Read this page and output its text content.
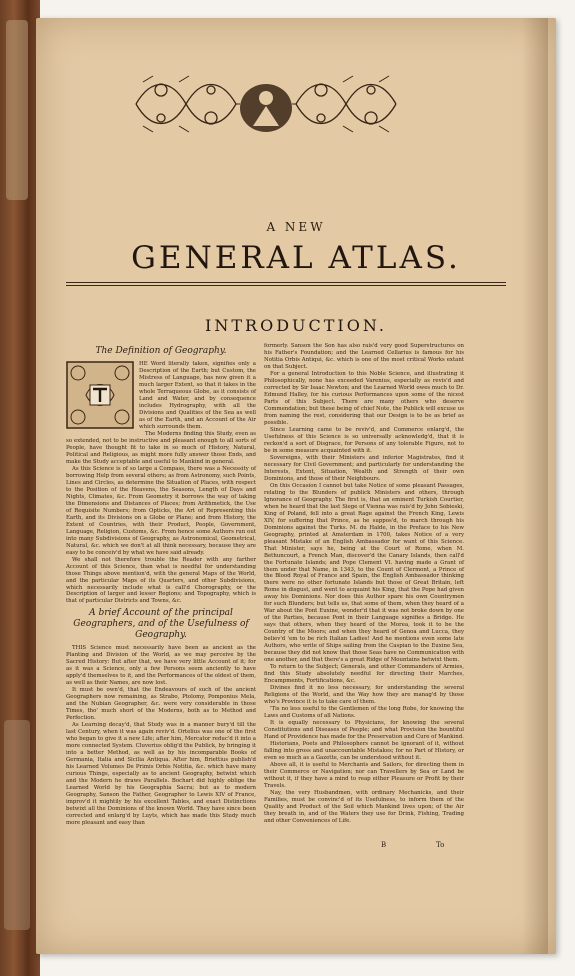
A NEW
GENERAL ATLAS.
INTRODUCTION.
The Definition of Geography.

HE Word literally taken, signifies only a Description of the Earth; but Custom, the Mistress of Language, has now given it a much larger Extent, so that it takes in the whole Terraqueous Globe, as it consists of Land and Water, and by consequence includes Hydrography, with all the Divisions and Qualities of the Sea as well as of the Earth, and an Account of the Air which surrounds them.

The Moderns finding this Study, even as so extended, not to be instructive and pleasant enough to all sorts of People, have thought fit to take in so much of History, Natural, Political and Religious, as might more fully answer those Ends, and make the Study acceptable and useful to Mankind in general.

As this Science is of so large a Compass, there was a Necessity of borrowing Help from several others; as from Astronomy, such Points, Lines and Circles, as determine the Situation of Places, with respect to the Position of the Heavens, the Seasons, Length of Days and Nights, Climates, &c. From Geometry it borrows the way of taking the Dimensions and Distances of Places; from Arithmetick, the Use of Requisite Numbers; from Opticks, the Art of Representing this Earth, and its Divisions on a Globe or Plane; and from History, the Extent of Countries, with their Product, People, Government, Language, Religion, Customs, &c. From hence some Authors run out into many Subdivisions of Geography, as Astronomical, Geometrical, Natural, &c. which we don't at all think necessary, because they are easy to be conceiv'd by what we have said already.

We shall not therefore trouble the Reader with any farther Account of this Science, than what is needful for understanding those Things above mention'd, with the general Maps of the World, and the particular Maps of its Quarters, and other Subdivisions, which necessarily include what is call'd Chorography, or the Description of larger and lesser Regions; and Topography, which is that of particular Districts and Towns, &c.

A brief Account of the principal Geographers, and of the Usefulness of Geography.

THIS Science must necessarily have been as ancient as the Planting and Division of the World, as we may perceive by the Sacred History: But after that, we have very little Account of it; for as it was a Science, only a few Persons seem anciently to have apply'd themselves to it, and the Performances of the oldest of them, as well as their Names, are now lost.

It must be own'd, that the Endeavours of such of the ancient Geographers now remaining, as Strabo, Ptolomy, Pomponius Mela, and the Nubian Geographer, &c. were very considerable in those Times, tho' much short of the Moderns, both as to Method and Perfection.

As Learning decay'd, that Study was in a manner bury'd till the last Century, when it was again reviv'd. Ortelius was one of the first who began to give it a new Life; after him, Mercator reduc'd it into a more connected System. Cluverius oblig'd the Publick, by bringing it into a better Method, as well as by his incomparable Books of Germania, Italia and Sicilia Antiqua. After him, Briettius publish'd his Learned Volumes De Primis Orbis Notitia, &c. which have many curious Things, especially as to ancient Geography, betwixt which and the Modern he draws Parallels. Bochart did highly oblige the Learned World by his Geographia Sacra; but as to modern Geography, Sanson the Father, Geographer to Lewis XIV of France, improv'd it mightily by his excellent Tables, and exact Distinctions betwixt all the Dominions of the known World. They have since been corrected and enlarg'd by Luyts, which has made this Study much more pleasant and easy than

formerly. Sanson the Son has also rais'd very good Superstructures on his Father's Foundation; and the Learned Cellarius is famous for his Notitia Orbis Antiqui, &c. which is one of the most critical Works extant on that Subject.

For a general Introduction to this Noble Science, and illustrating it Philosophically, none has exceeded Varenius, especially as revis'd and corrected by Sir Isaac Newton; and the Learned World owes much to Dr. Edmund Halley, for his curious Performances upon some of the nicest Parts of this Subject. There are many others who deserve Commendation; but these being of chief Note, the Publick will excuse us from naming the rest, considering that our Design is to be as brief as possible.

Since Learning came to be reviv'd, and Commerce enlarg'd, the Usefulness of this Science is so universally acknowledg'd, that it is reckon'd a sort of Disgrace, for Persons of any tolerable Figure, not to be in some measure acquainted with it.

Sovereigns, with their Ministers and inferior Magistrates, find it necessary for Civil Government; and particularly for understanding the Interests, Extent, Situation, Wealth and Strength of their own Dominions, and those of their Neighbours.

On this Occasion I cannot but take Notice of some pleasant Passages, relating to the Blunders of publick Ministers and others, through Ignorance of Geography. The first is, that an eminent Turkish Courtier, when he heard that the last Siege of Vienna was rais'd by John Sobieski, King of Poland, fell into a great Rage against the French King, Lewis XIV, for suffering that Prince, as he suppos'd, to march through his Dominions against the Turks. M. du Halde, in the Preface to his New Geography, printed at Amsterdam in 1700, takes Notice of a very pleasant Mistake of an English Ambassador for want of this Science. That Minister, says he, being at the Court of Rome, when M. Bethuncourt, a French Man, discover'd the Canary Islands, then call'd the Fortunate Islands; and Pope Clement VI. having made a Grant of them under that Name, in 1343, to the Count of Clermont, a Prince of the Blood Royal of France and Spain, the English Ambassador thinking there were no other fortunate Islands but those of Great Britain, left Rome in disgust, and went to acquaint his King, that the Pope had given away his Dominions. Nor does this Author spare his own Countrymen for such Blunders; but tells us, that some of them, when they heard of a War about the Pont Euxine, wonder'd that it was not broke down by one of the Parties, because Pont in their Language signifies a Bridge. He says that others, when they heard of the Morea, took it to be the Country of the Moors; and when they heard of Genoa and Lucca, they believ'd 'em to be rich Italian Ladies! And he mentions even some late Authors, who write of Ships sailing from the Caspian to the Euxine Sea, because they did not know that those Seas have no Communication with one another, and that there's a great Ridge of Mountains betwixt them.

To return to the Subject; Generals, and other Commanders of Armies, find this Study absolutely needful for directing their Marches, Encampments, Fortifications, &c.

Divines find it no less necessary, for understanding the several Religions of the World, and the Way how they are manag'd by those who's Province it is to take care of them.

'Tis no less useful to the Gentlemen of the long Robe, for knowing the Laws and Customs of all Nations.

It is equally necessary to Physicians, for knowing the several Constitutions and Diseases of People; and what Provision the bountiful Hand of Providence has made for the Preservation and Cure of Mankind.

Historians, Poets and Philosophers cannot be ignorant of it, without falling into gross and unaccountable Mistakes; for no Part of History, or even so much as a Gazette, can be understood without it.

Above all, it is useful to Merchants and Sailors, for directing them in their Commerce or Navigation; nor can Travellers by Sea or Land be without it, if they have a mind to reap either Pleasure or Profit by their Travels.

Nay, the very Husbandmen, with ordinary Mechanicks, and their Families, must be convinc'd of its Usefulness, to inform them of the Quality and Product of the Soil which Mankind lives upon; of the Air they breath in, and of the Waters they use for Drink, Fishing, Trading and other Conveniences of Life.

B	To
